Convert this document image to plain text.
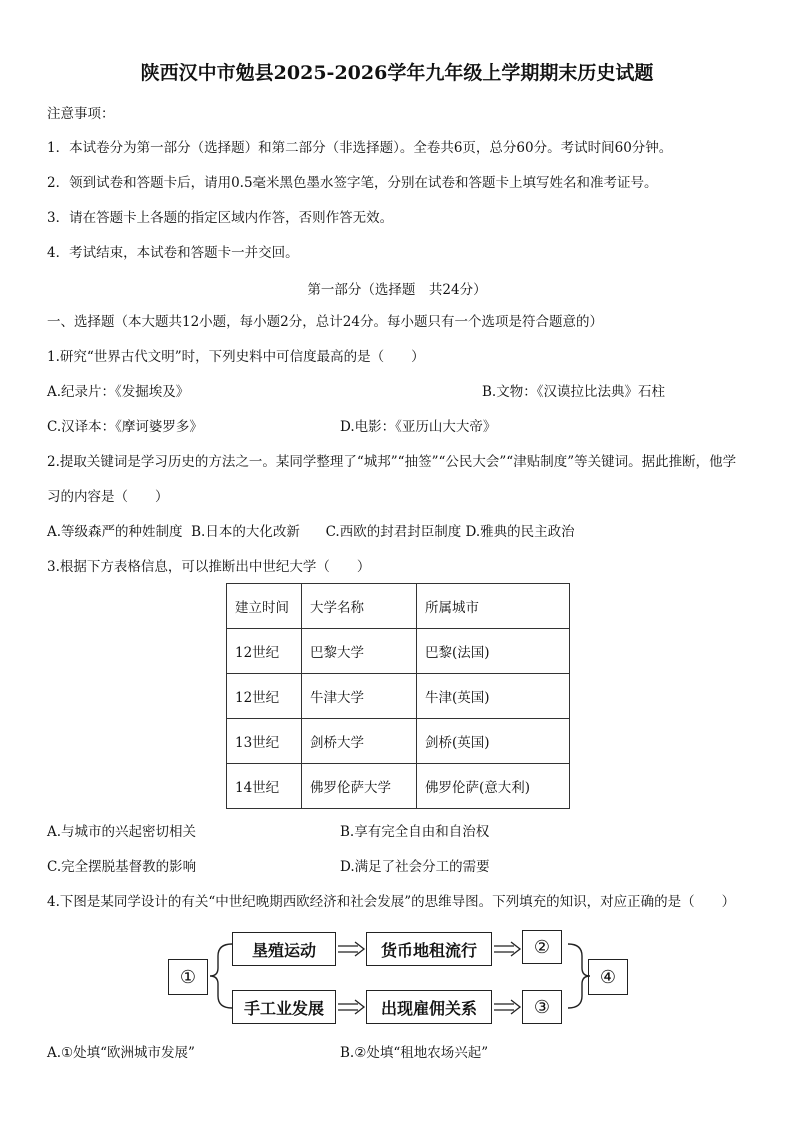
陕西汉中市勉县2025-2026学年九年级上学期期末历史试题
注意事项：
1．本试卷分为第一部分（选择题）和第二部分（非选择题）。全卷共6页，总分60分。考试时间60分钟。
2．领到试卷和答题卡后，请用0.5毫米黑色墨水签字笔，分别在试卷和答题卡上填写姓名和准考证号。
3．请在答题卡上各题的指定区域内作答，否则作答无效。
4．考试结束，本试卷和答题卡一并交回。
第一部分（选择题　共24分）
一、选择题（本大题共12小题，每小题2分，总计24分。每小题只有一个选项是符合题意的）
1.研究“世界古代文明”时，下列史料中可信度最高的是（　　）
A.纪录片：《发掘埃及》	B.文物：《汉谟拉比法典》石柱
C.汉译本：《摩诃婆罗多》	D.电影：《亚历山大大帝》
2.提取关键词是学习历史的方法之一。某同学整理了“城邦”“抽签”“公民大会”“津贴制度”等关键词。据此推断，他学
习的内容是（　　）
A.等级森严的种姓制度  B.日本的大化改新      C.西欧的封君封臣制度 D.雅典的民主政治
3.根据下方表格信息，可以推断出中世纪大学（　　）
建立时间	大学名称	所属城市
12世纪	巴黎大学	巴黎(法国)
12世纪	牛津大学	牛津(英国)
13世纪	剑桥大学	剑桥(英国)
14世纪	佛罗伦萨大学	佛罗伦萨(意大利)
A.与城市的兴起密切相关	B.享有完全自由和自治权
C.完全摆脱基督教的影响	D.满足了社会分工的需要
4.下图是某同学设计的有关“中世纪晚期西欧经济和社会发展”的思维导图。下列填充的知识，对应正确的是（　　）
①
垦殖运动	货币地租流行	②
手工业发展	出现雇佣关系	③
④
A.①处填“欧洲城市发展”	B.②处填“租地农场兴起”
